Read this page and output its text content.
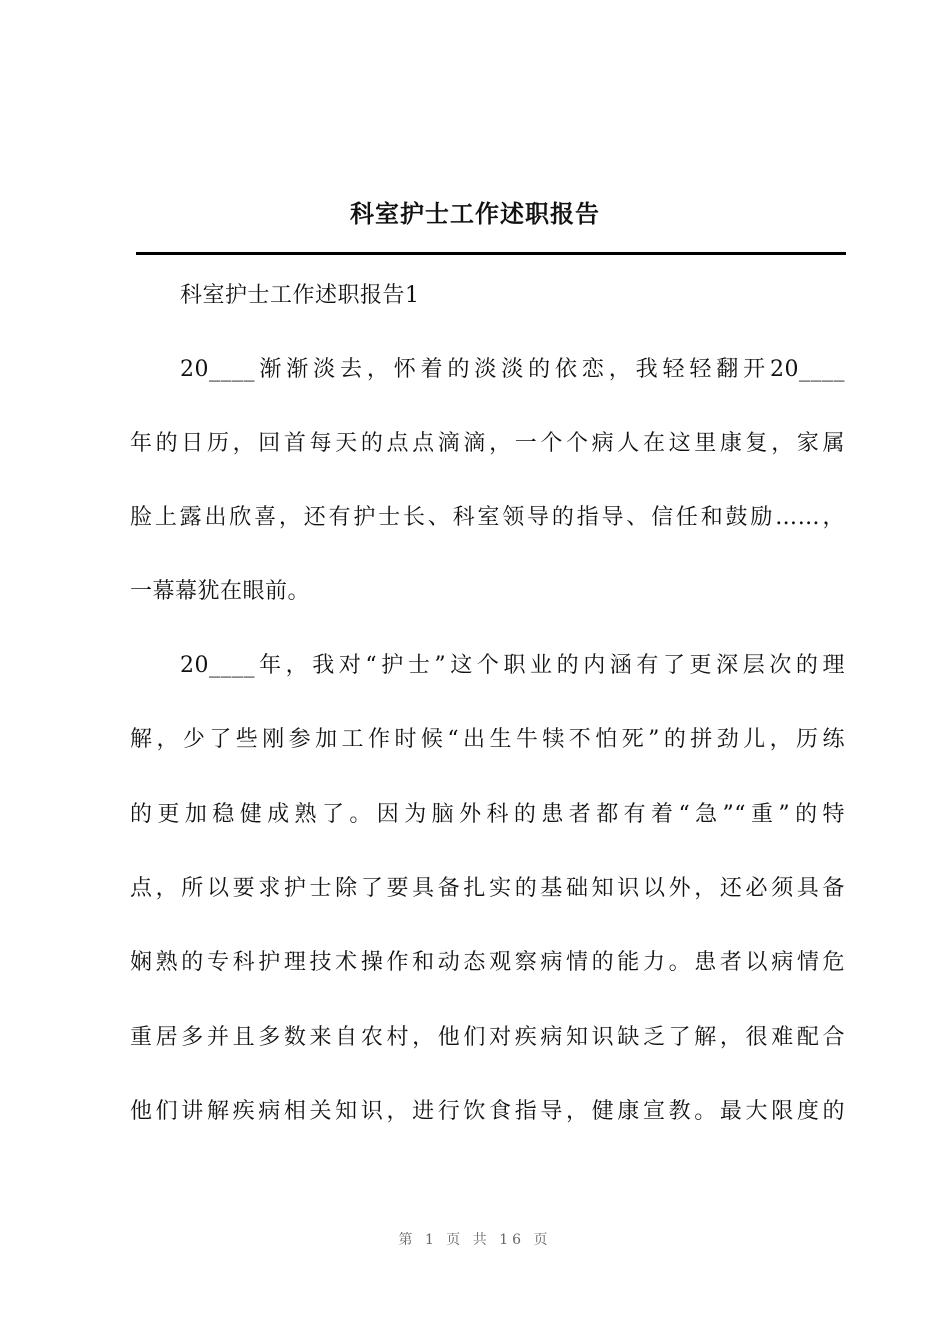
科室护士工作述职报告
科室护士工作述职报告1
20____渐渐淡去，怀着的淡淡的依恋，我轻轻翻开20____
年的日历，回首每天的点点滴滴，一个个病人在这里康复，家属
脸上露出欣喜，还有护士长、科室领导的指导、信任和鼓励……，
一幕幕犹在眼前。
20____年，我对“护士”这个职业的内涵有了更深层次的理
解，少了些刚参加工作时候“出生牛犊不怕死”的拼劲儿，历练
的更加稳健成熟了。因为脑外科的患者都有着“急”“重”的特
点，所以要求护士除了要具备扎实的基础知识以外，还必须具备
娴熟的专科护理技术操作和动态观察病情的能力。患者以病情危
重居多并且多数来自农村，他们对疾病知识缺乏了解，很难配合
他们讲解疾病相关知识，进行饮食指导，健康宣教。最大限度的
第 1 页 共 16 页
